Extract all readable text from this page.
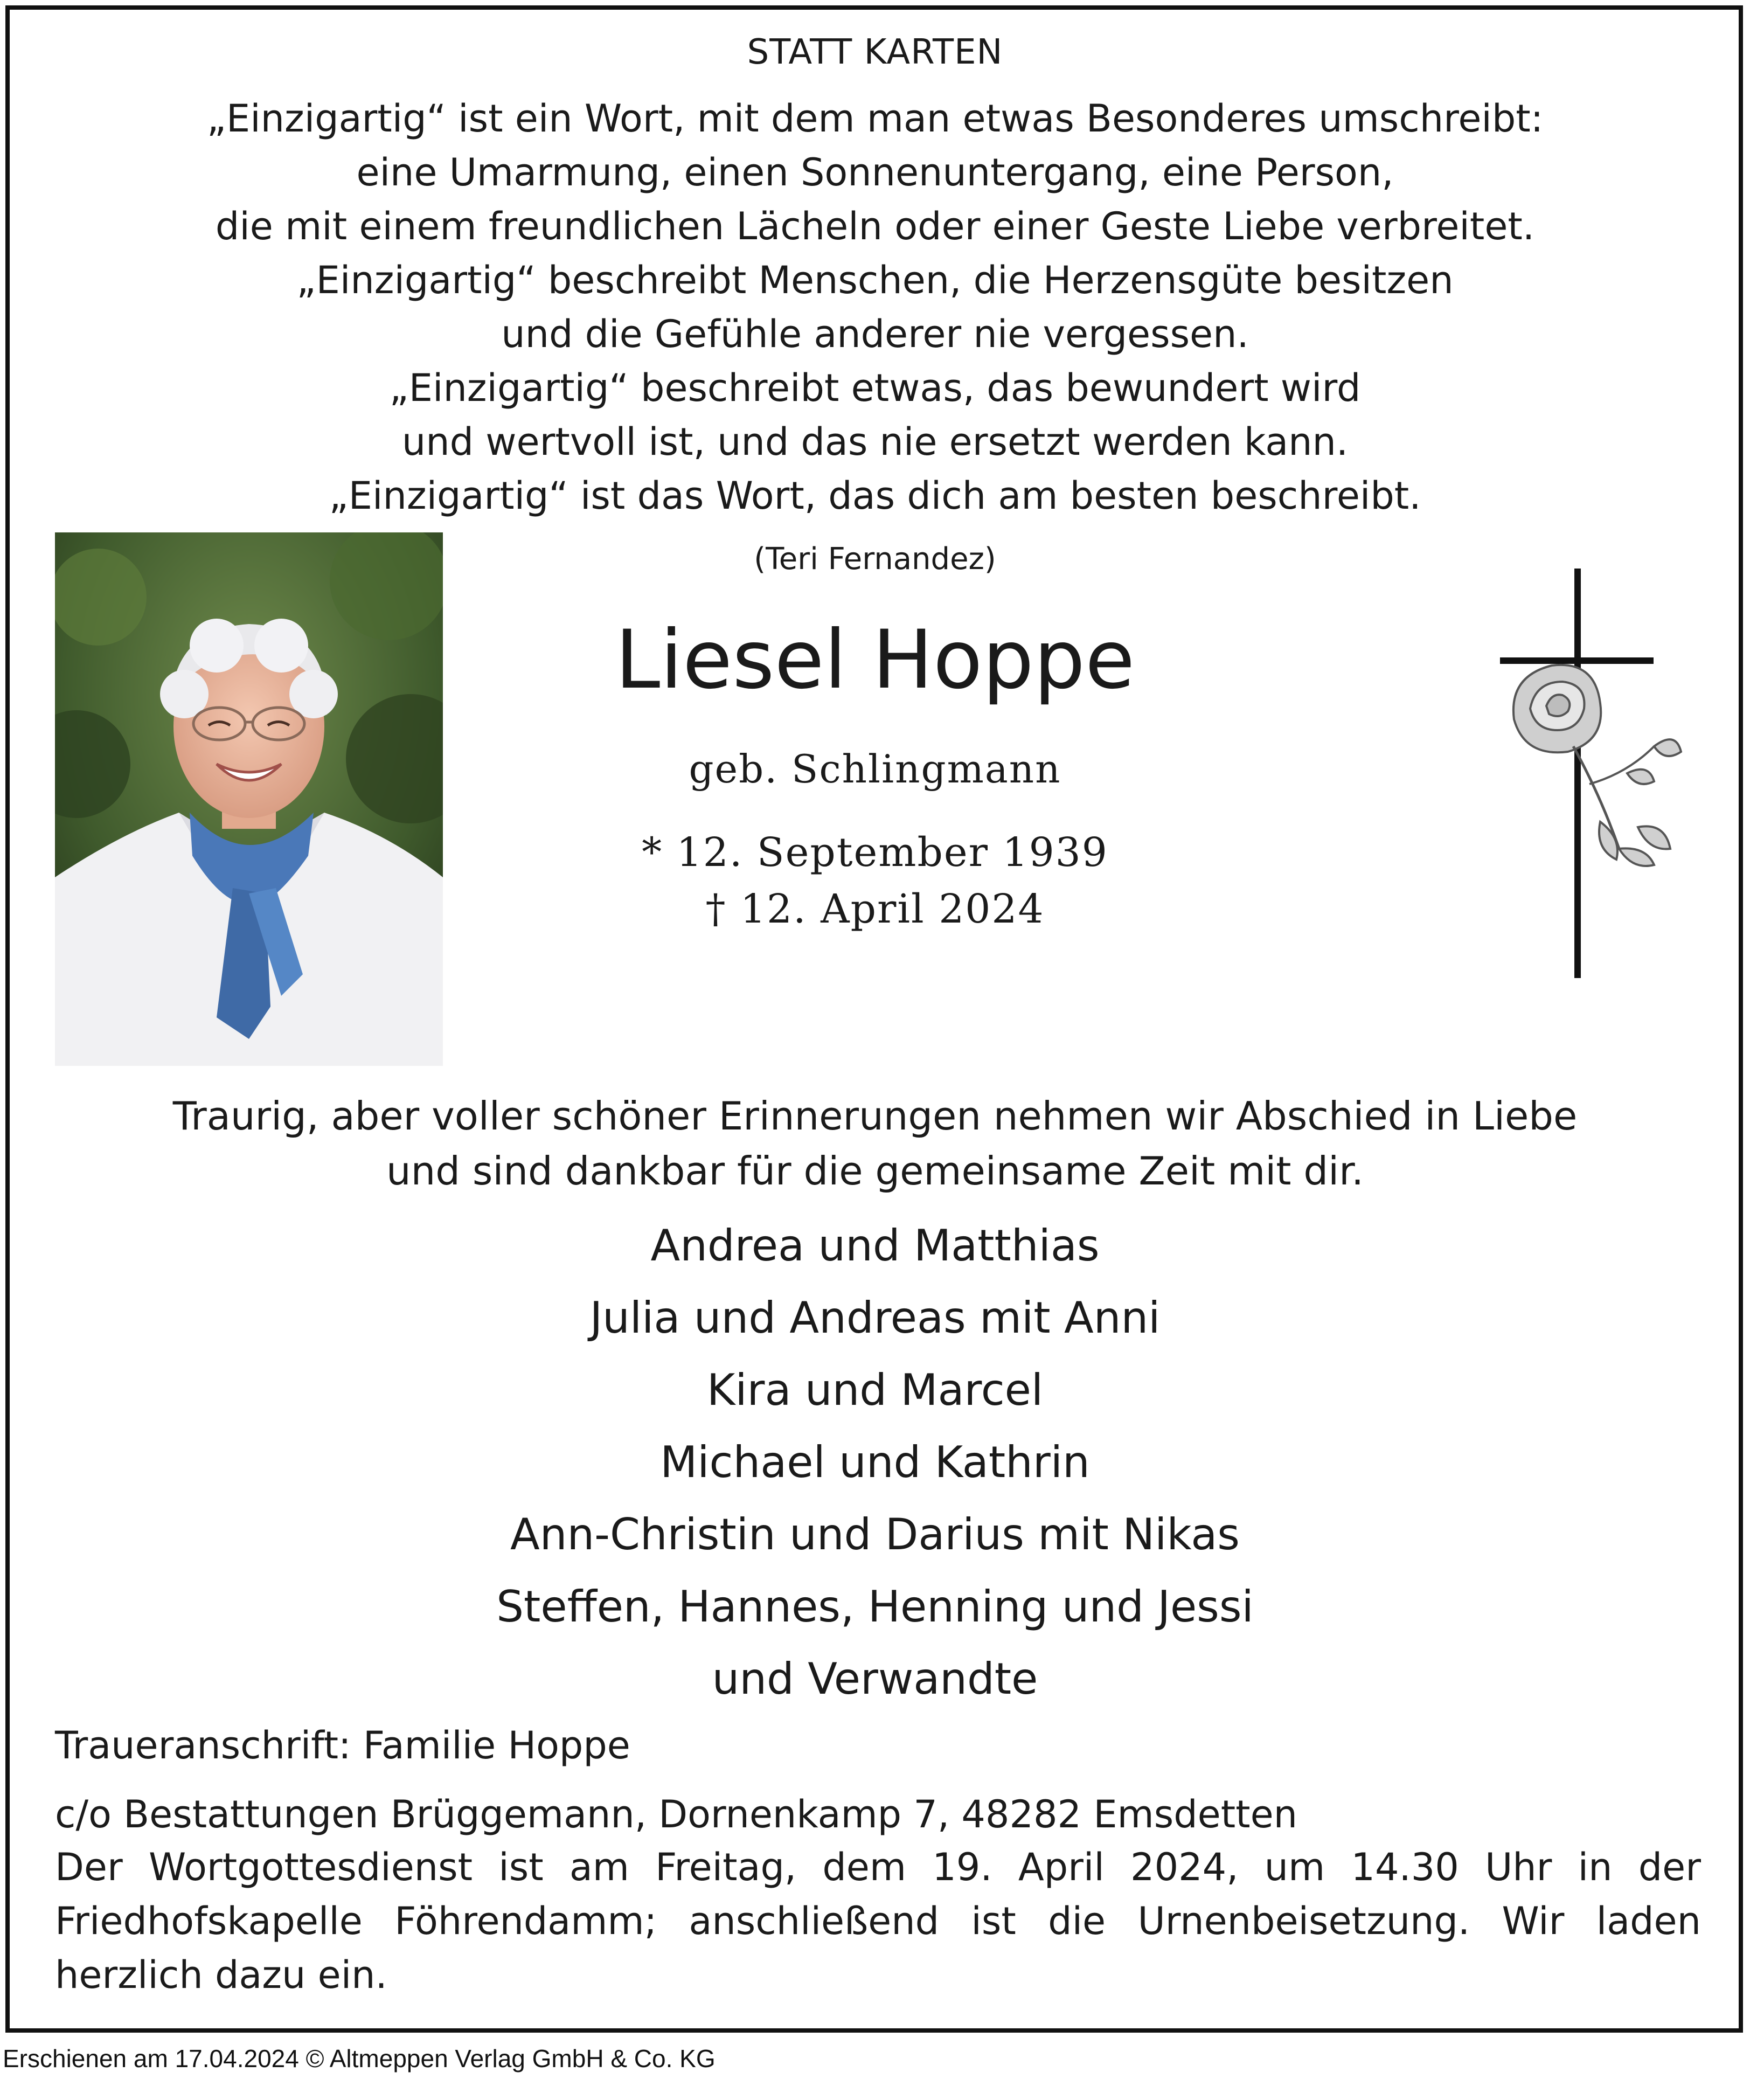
STATT KARTEN
„Einzigartig“ ist ein Wort, mit dem man etwas Besonderes umschreibt:
eine Umarmung, einen Sonnenuntergang, eine Person,
die mit einem freundlichen Lächeln oder einer Geste Liebe verbreitet.
„Einzigartig“ beschreibt Menschen, die Herzensgüte besitzen
und die Gefühle anderer nie vergessen.
„Einzigartig“ beschreibt etwas, das bewundert wird
und wertvoll ist, und das nie ersetzt werden kann.
„Einzigartig“ ist das Wort, das dich am besten beschreibt.
(Teri Fernandez)
Liesel Hoppe
geb. Schlingmann
* 12. September 1939
† 12. April 2024
Traurig, aber voller schöner Erinnerungen nehmen wir Abschied in Liebe
und sind dankbar für die gemeinsame Zeit mit dir.
Andrea und Matthias
Julia und Andreas mit Anni
Kira und Marcel
Michael und Kathrin
Ann-Christin und Darius mit Nikas
Steffen, Hannes, Henning und Jessi
und Verwandte
Traueranschrift: Familie Hoppe
c/o Bestattungen Brüggemann, Dornenkamp 7, 48282 Emsdetten
Der Wortgottesdienst ist am Freitag, dem 19. April 2024, um 14.30 Uhr in der Friedhofskapelle Föhrendamm; anschließend ist die Urnenbeisetzung. Wir laden herzlich dazu ein.
Erschienen am 17.04.2024 © Altmeppen Verlag GmbH & Co. KG
